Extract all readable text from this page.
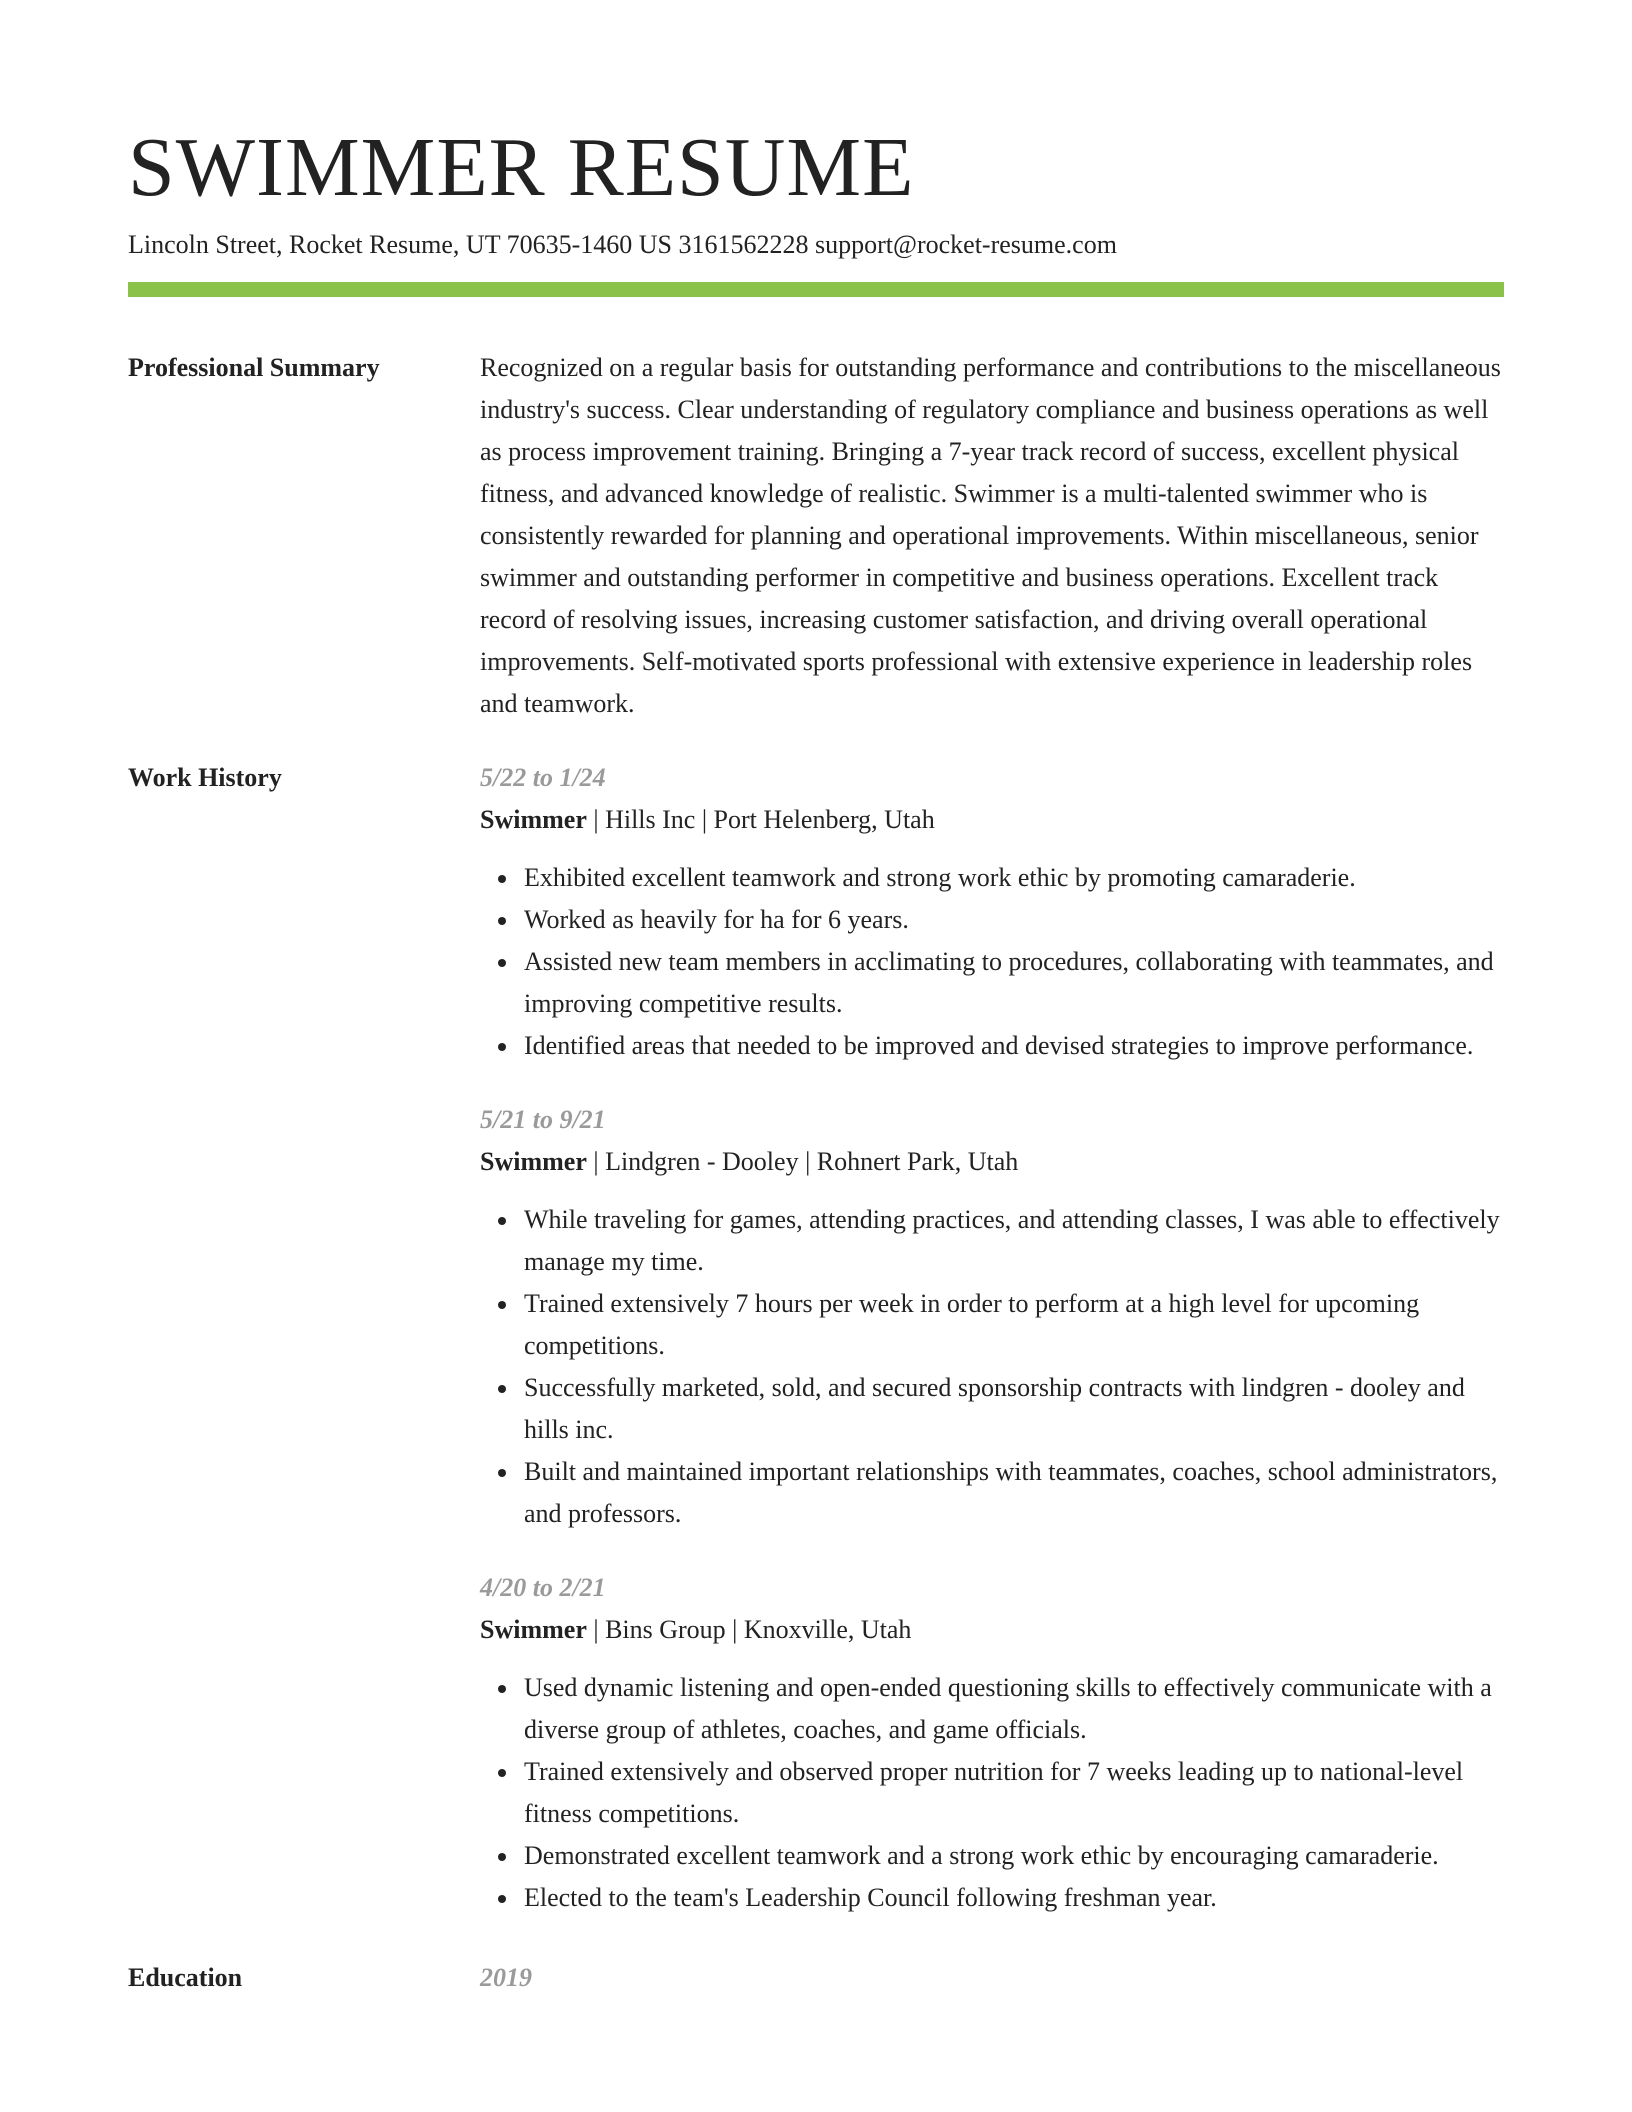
SWIMMER RESUME
Lincoln Street, Rocket Resume, UT 70635-1460 US 3161562228 support@rocket-resume.com
Professional Summary	Recognized on a regular basis for outstanding performance and contributions to the miscellaneous industry's success. Clear understanding of regulatory compliance and business operations as well as process improvement training. Bringing a 7-year track record of success, excellent physical fitness, and advanced knowledge of realistic. Swimmer is a multi-talented swimmer who is consistently rewarded for planning and operational improvements. Within miscellaneous, senior swimmer and outstanding performer in competitive and business operations. Excellent track record of resolving issues, increasing customer satisfaction, and driving overall operational improvements. Self-motivated sports professional with extensive experience in leadership roles and teamwork.

Work History	5/22 to 1/24
Swimmer | Hills Inc | Port Helenberg, Utah
Exhibited excellent teamwork and strong work ethic by promoting camaraderie.
Worked as heavily for ha for 6 years.
Assisted new team members in acclimating to procedures, collaborating with teammates, and improving competitive results.
Identified areas that needed to be improved and devised strategies to improve performance.
5/21 to 9/21
Swimmer | Lindgren - Dooley | Rohnert Park, Utah
While traveling for games, attending practices, and attending classes, I was able to effectively manage my time.
Trained extensively 7 hours per week in order to perform at a high level for upcoming competitions.
Successfully marketed, sold, and secured sponsorship contracts with lindgren - dooley and hills inc.
Built and maintained important relationships with teammates, coaches, school administrators, and professors.
4/20 to 2/21
Swimmer | Bins Group | Knoxville, Utah
Used dynamic listening and open-ended questioning skills to effectively communicate with a diverse group of athletes, coaches, and game officials.
Trained extensively and observed proper nutrition for 7 weeks leading up to national-level fitness competitions.
Demonstrated excellent teamwork and a strong work ethic by encouraging camaraderie.
Elected to the team's Leadership Council following freshman year.
Education	2019
